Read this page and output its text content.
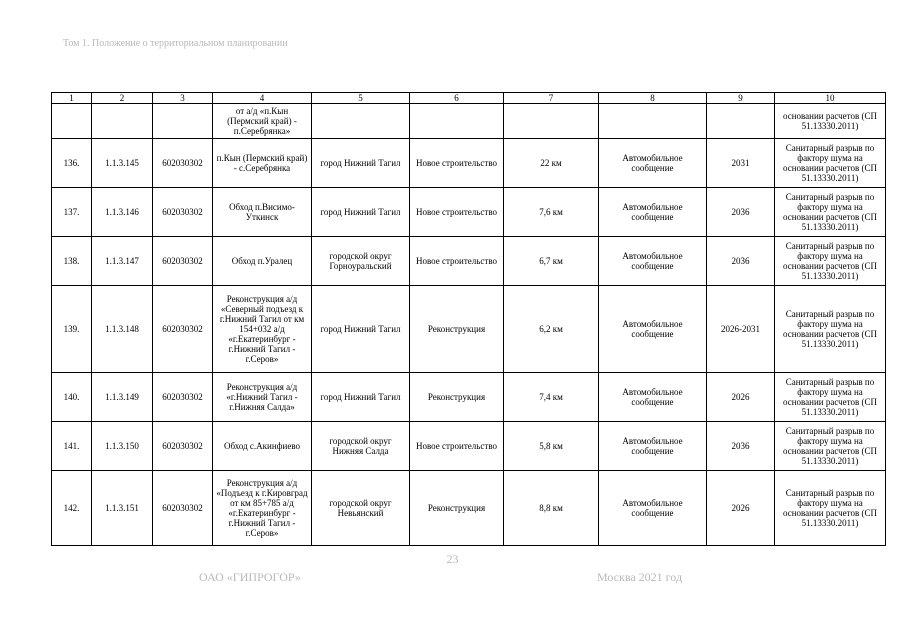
Том 1. Положение о территориальном планировании
1	2	3	4	5	6	7	8	9	10
			от а/д «п.Кын (Пермский край) - п.Серебрянка»						основании расчетов (СП 51.13330.2011)
136.	1.1.3.145	602030302	п.Кын (Пермский край) - с.Серебрянка	город Нижний Тагил	Новое строительство	22 км	Автомобильное сообщение	2031	Санитарный разрыв по фактору шума на основании расчетов (СП 51.13330.2011)
137.	1.1.3.146	602030302	Обход п.Висимо-Уткинск	город Нижний Тагил	Новое строительство	7,6 км	Автомобильное сообщение	2036	Санитарный разрыв по фактору шума на основании расчетов (СП 51.13330.2011)
138.	1.1.3.147	602030302	Обход п.Уралец	городской округ Горноуральский	Новое строительство	6,7 км	Автомобильное сообщение	2036	Санитарный разрыв по фактору шума на основании расчетов (СП 51.13330.2011)
139.	1.1.3.148	602030302	Реконструкция а/д «Северный подъезд к г.Нижний Тагил от км 154+032 а/д «г.Екатеринбург - г.Нижний Тагил - г.Серов»	город Нижний Тагил	Реконструкция	6,2 км	Автомобильное сообщение	2026-2031	Санитарный разрыв по фактору шума на основании расчетов (СП 51.13330.2011)
140.	1.1.3.149	602030302	Реконструкция а/д «г.Нижний Тагил - г.Нижняя Салда»	город Нижний Тагил	Реконструкция	7,4 км	Автомобильное сообщение	2026	Санитарный разрыв по фактору шума на основании расчетов (СП 51.13330.2011)
141.	1.1.3.150	602030302	Обход с.Акинфиево	городской округ Нижняя Салда	Новое строительство	5,8 км	Автомобильное сообщение	2036	Санитарный разрыв по фактору шума на основании расчетов (СП 51.13330.2011)
142.	1.1.3.151	602030302	Реконструкция а/д «Подъезд к г.Кировград от км 85+785 а/д «г.Екатеринбург - г.Нижний Тагил - г.Серов»	городской округ Невьянский	Реконструкция	8,8 км	Автомобильное сообщение	2026	Санитарный разрыв по фактору шума на основании расчетов (СП 51.13330.2011)
23
ОАО «ГИПРОГОР»	Москва 2021 год
